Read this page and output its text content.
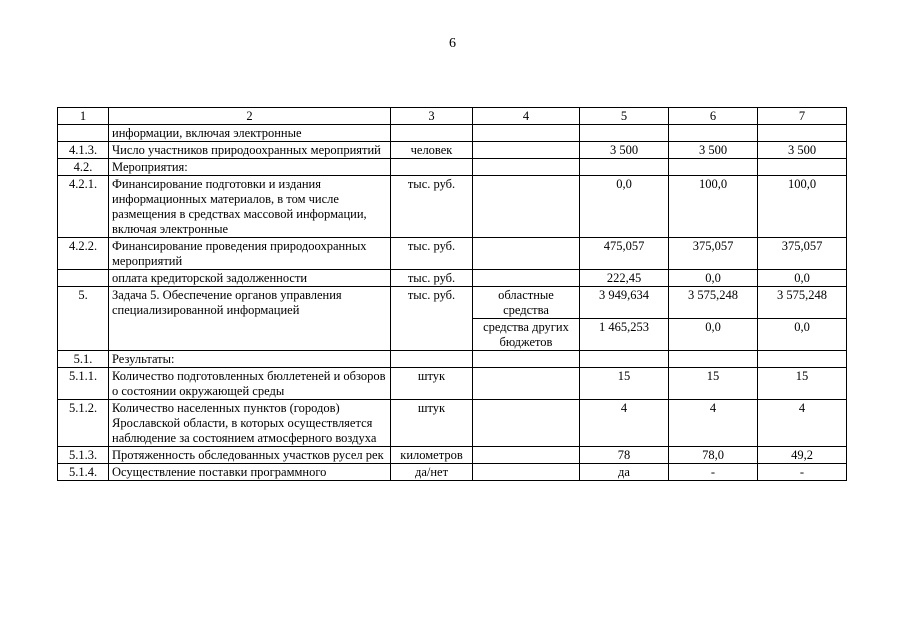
6
1	2	3	4	5	6	7
	информации, включая электронные					
4.1.3.	Число участников природоохранных мероприятий	человек		3 500	3 500	3 500
4.2.	Мероприятия:					
4.2.1.	Финансирование подготовки и издания информационных материалов, в том числе размещения в средствах массовой информации, включая электронные	тыс. руб.		0,0	100,0	100,0
4.2.2.	Финансирование проведения природоохранных мероприятий	тыс. руб.		475,057	375,057	375,057
	оплата кредиторской задолженности	тыс. руб.		222,45	0,0	0,0
5.	Задача 5. Обеспечение органов управления специализированной информацией	тыс. руб.	областные средства	3 949,634	3 575,248	3 575,248
			средства других бюджетов	1 465,253	0,0	0,0
5.1.	Результаты:					
5.1.1.	Количество подготовленных бюллетеней и обзоров о состоянии окружающей среды	штук		15	15	15
5.1.2.	Количество населенных пунктов (городов) Ярославской области, в которых осуществляется наблюдение за состоянием атмосферного воздуха	штук		4	4	4
5.1.3.	Протяженность обследованных участков русел рек	километров		78	78,0	49,2
5.1.4.	Осуществление поставки программного	да/нет		да	-	-
